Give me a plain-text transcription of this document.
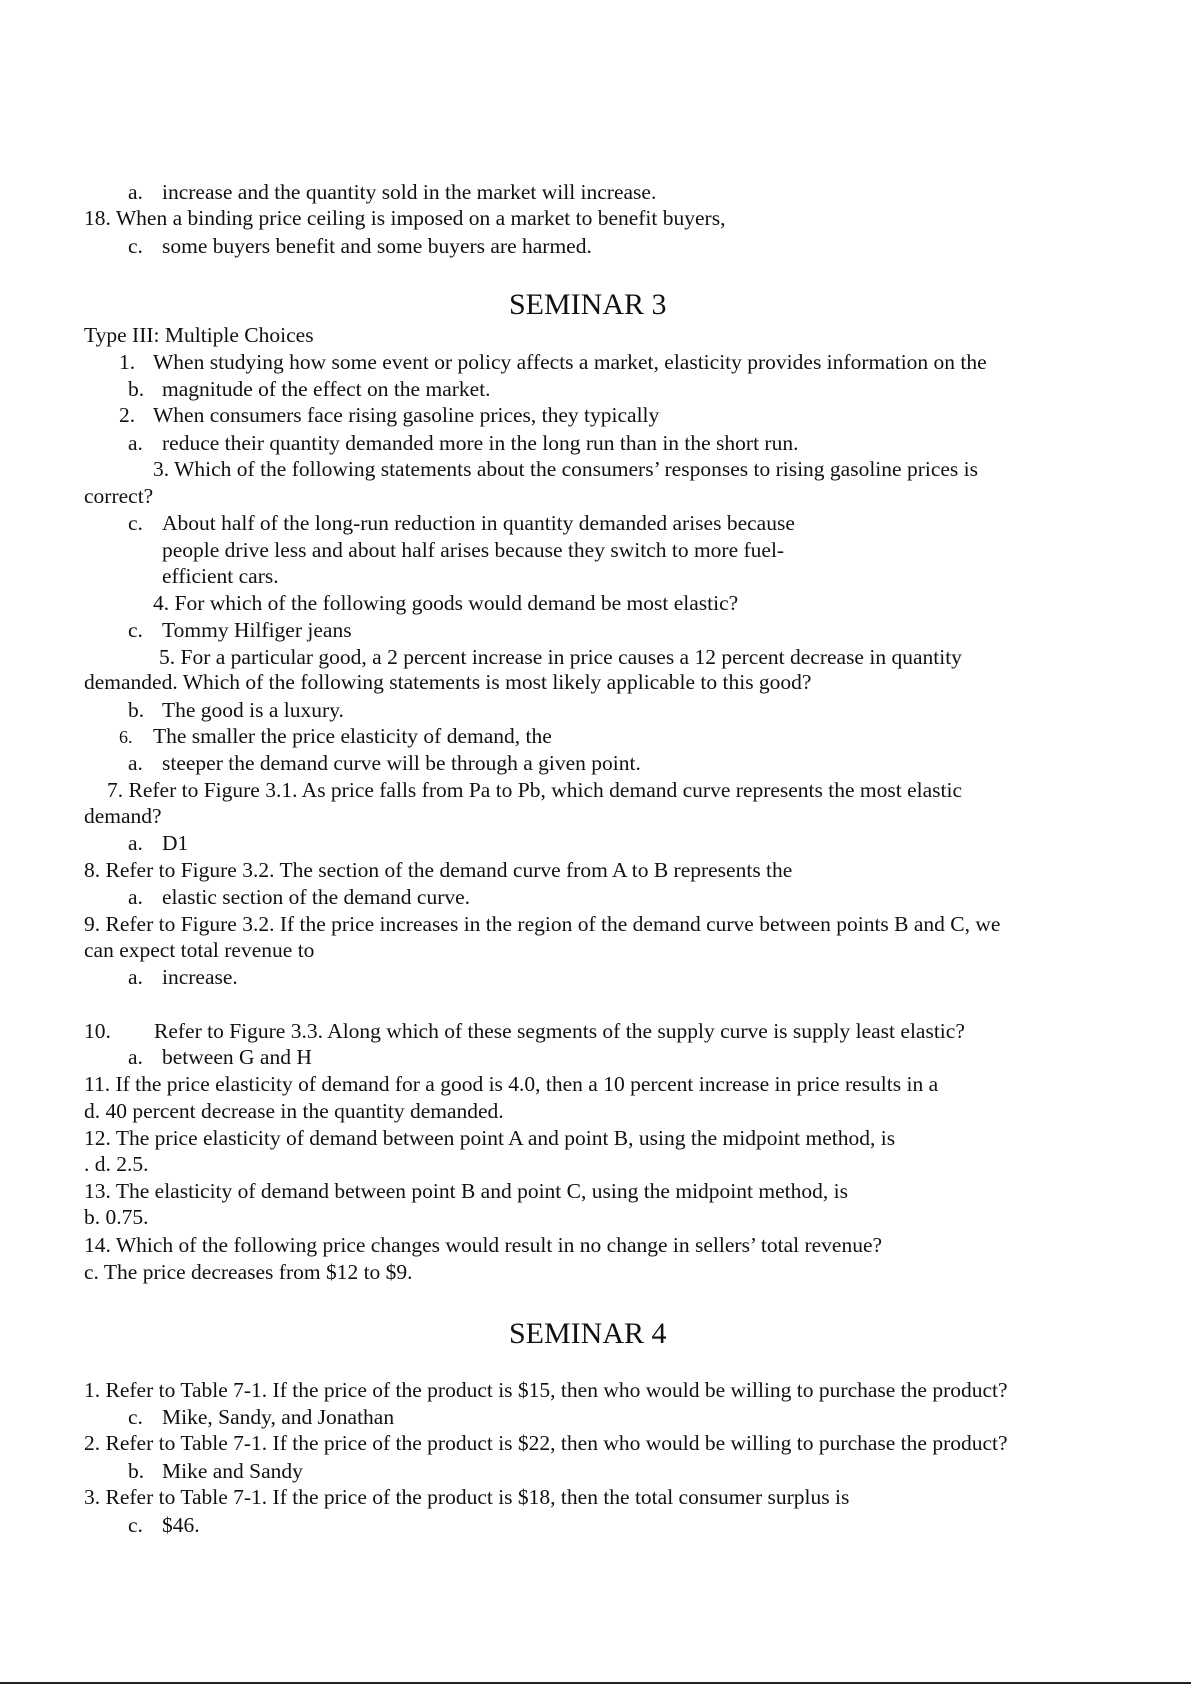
a. increase and the quantity sold in the market will increase.
18. When a binding price ceiling is imposed on a market to benefit buyers,
c. some buyers benefit and some buyers are harmed.
SEMINAR 3
Type III: Multiple Choices
1. When studying how some event or policy affects a market, elasticity provides information on the
b. magnitude of the effect on the market.
2. When consumers face rising gasoline prices, they typically
a. reduce their quantity demanded more in the long run than in the short run.
3. Which of the following statements about the consumers’ responses to rising gasoline prices is
correct?
c. About half of the long-run reduction in quantity demanded arises because
people drive less and about half arises because they switch to more fuel-
efficient cars.
4. For which of the following goods would demand be most elastic?
c. Tommy Hilfiger jeans
5. For a particular good, a 2 percent increase in price causes a 12 percent decrease in quantity
demanded. Which of the following statements is most likely applicable to this good?
b. The good is a luxury.
6. The smaller the price elasticity of demand, the
a. steeper the demand curve will be through a given point.
7. Refer to Figure 3.1. As price falls from Pa to Pb, which demand curve represents the most elastic
demand?
a. D1
8. Refer to Figure 3.2. The section of the demand curve from A to B represents the
a. elastic section of the demand curve.
9. Refer to Figure 3.2. If the price increases in the region of the demand curve between points B and C, we
can expect total revenue to
a. increase.
10. Refer to Figure 3.3. Along which of these segments of the supply curve is supply least elastic?
a. between G and H
11. If the price elasticity of demand for a good is 4.0, then a 10 percent increase in price results in a
d. 40 percent decrease in the quantity demanded.
12. The price elasticity of demand between point A and point B, using the midpoint method, is
. d. 2.5.
13. The elasticity of demand between point B and point C, using the midpoint method, is
b. 0.75.
14. Which of the following price changes would result in no change in sellers’ total revenue?
c. The price decreases from $12 to $9.
SEMINAR 4
1. Refer to Table 7-1. If the price of the product is $15, then who would be willing to purchase the product?
c. Mike, Sandy, and Jonathan
2. Refer to Table 7-1. If the price of the product is $22, then who would be willing to purchase the product?
b. Mike and Sandy
3. Refer to Table 7-1. If the price of the product is $18, then the total consumer surplus is
c. $46.
